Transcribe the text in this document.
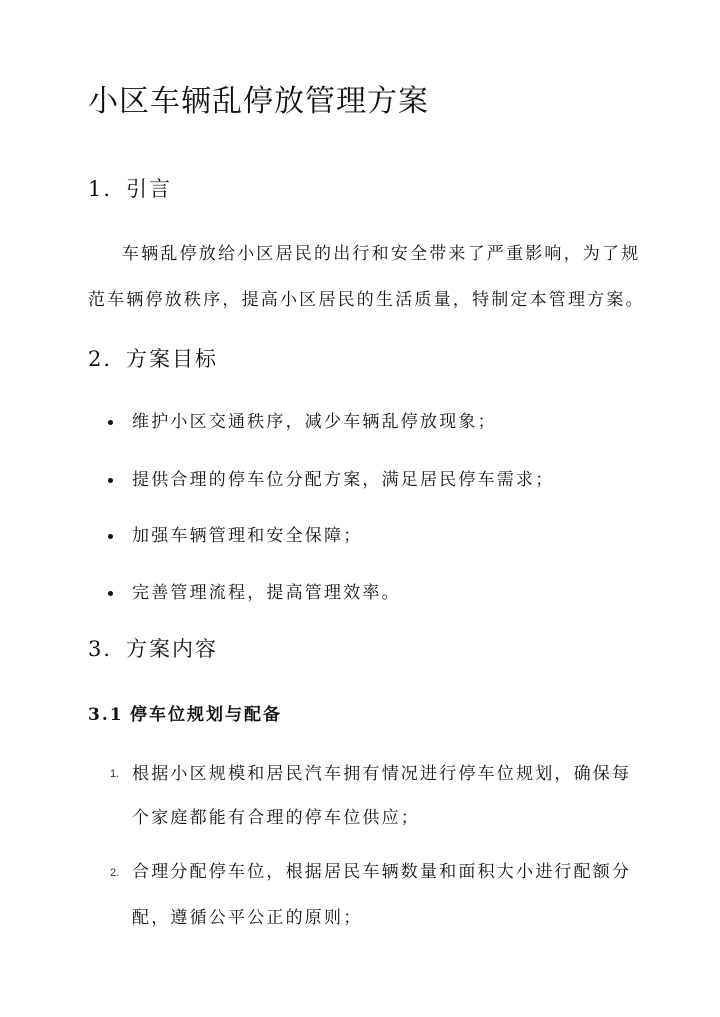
小区车辆乱停放管理方案
1. 引言

车辆乱停放给小区居民的出行和安全带来了严重影响，为了规

范车辆停放秩序，提高小区居民的生活质量，特制定本管理方案。

2. 方案目标
维护小区交通秩序，减少车辆乱停放现象；
提供合理的停车位分配方案，满足居民停车需求；
加强车辆管理和安全保障；
完善管理流程，提高管理效率。
3. 方案内容
3.1 停车位规划与配备
1. 根据小区规模和居民汽车拥有情况进行停车位规划，确保每

个家庭都能有合理的停车位供应；

2. 合理分配停车位，根据居民车辆数量和面积大小进行配额分

配，遵循公平公正的原则；
